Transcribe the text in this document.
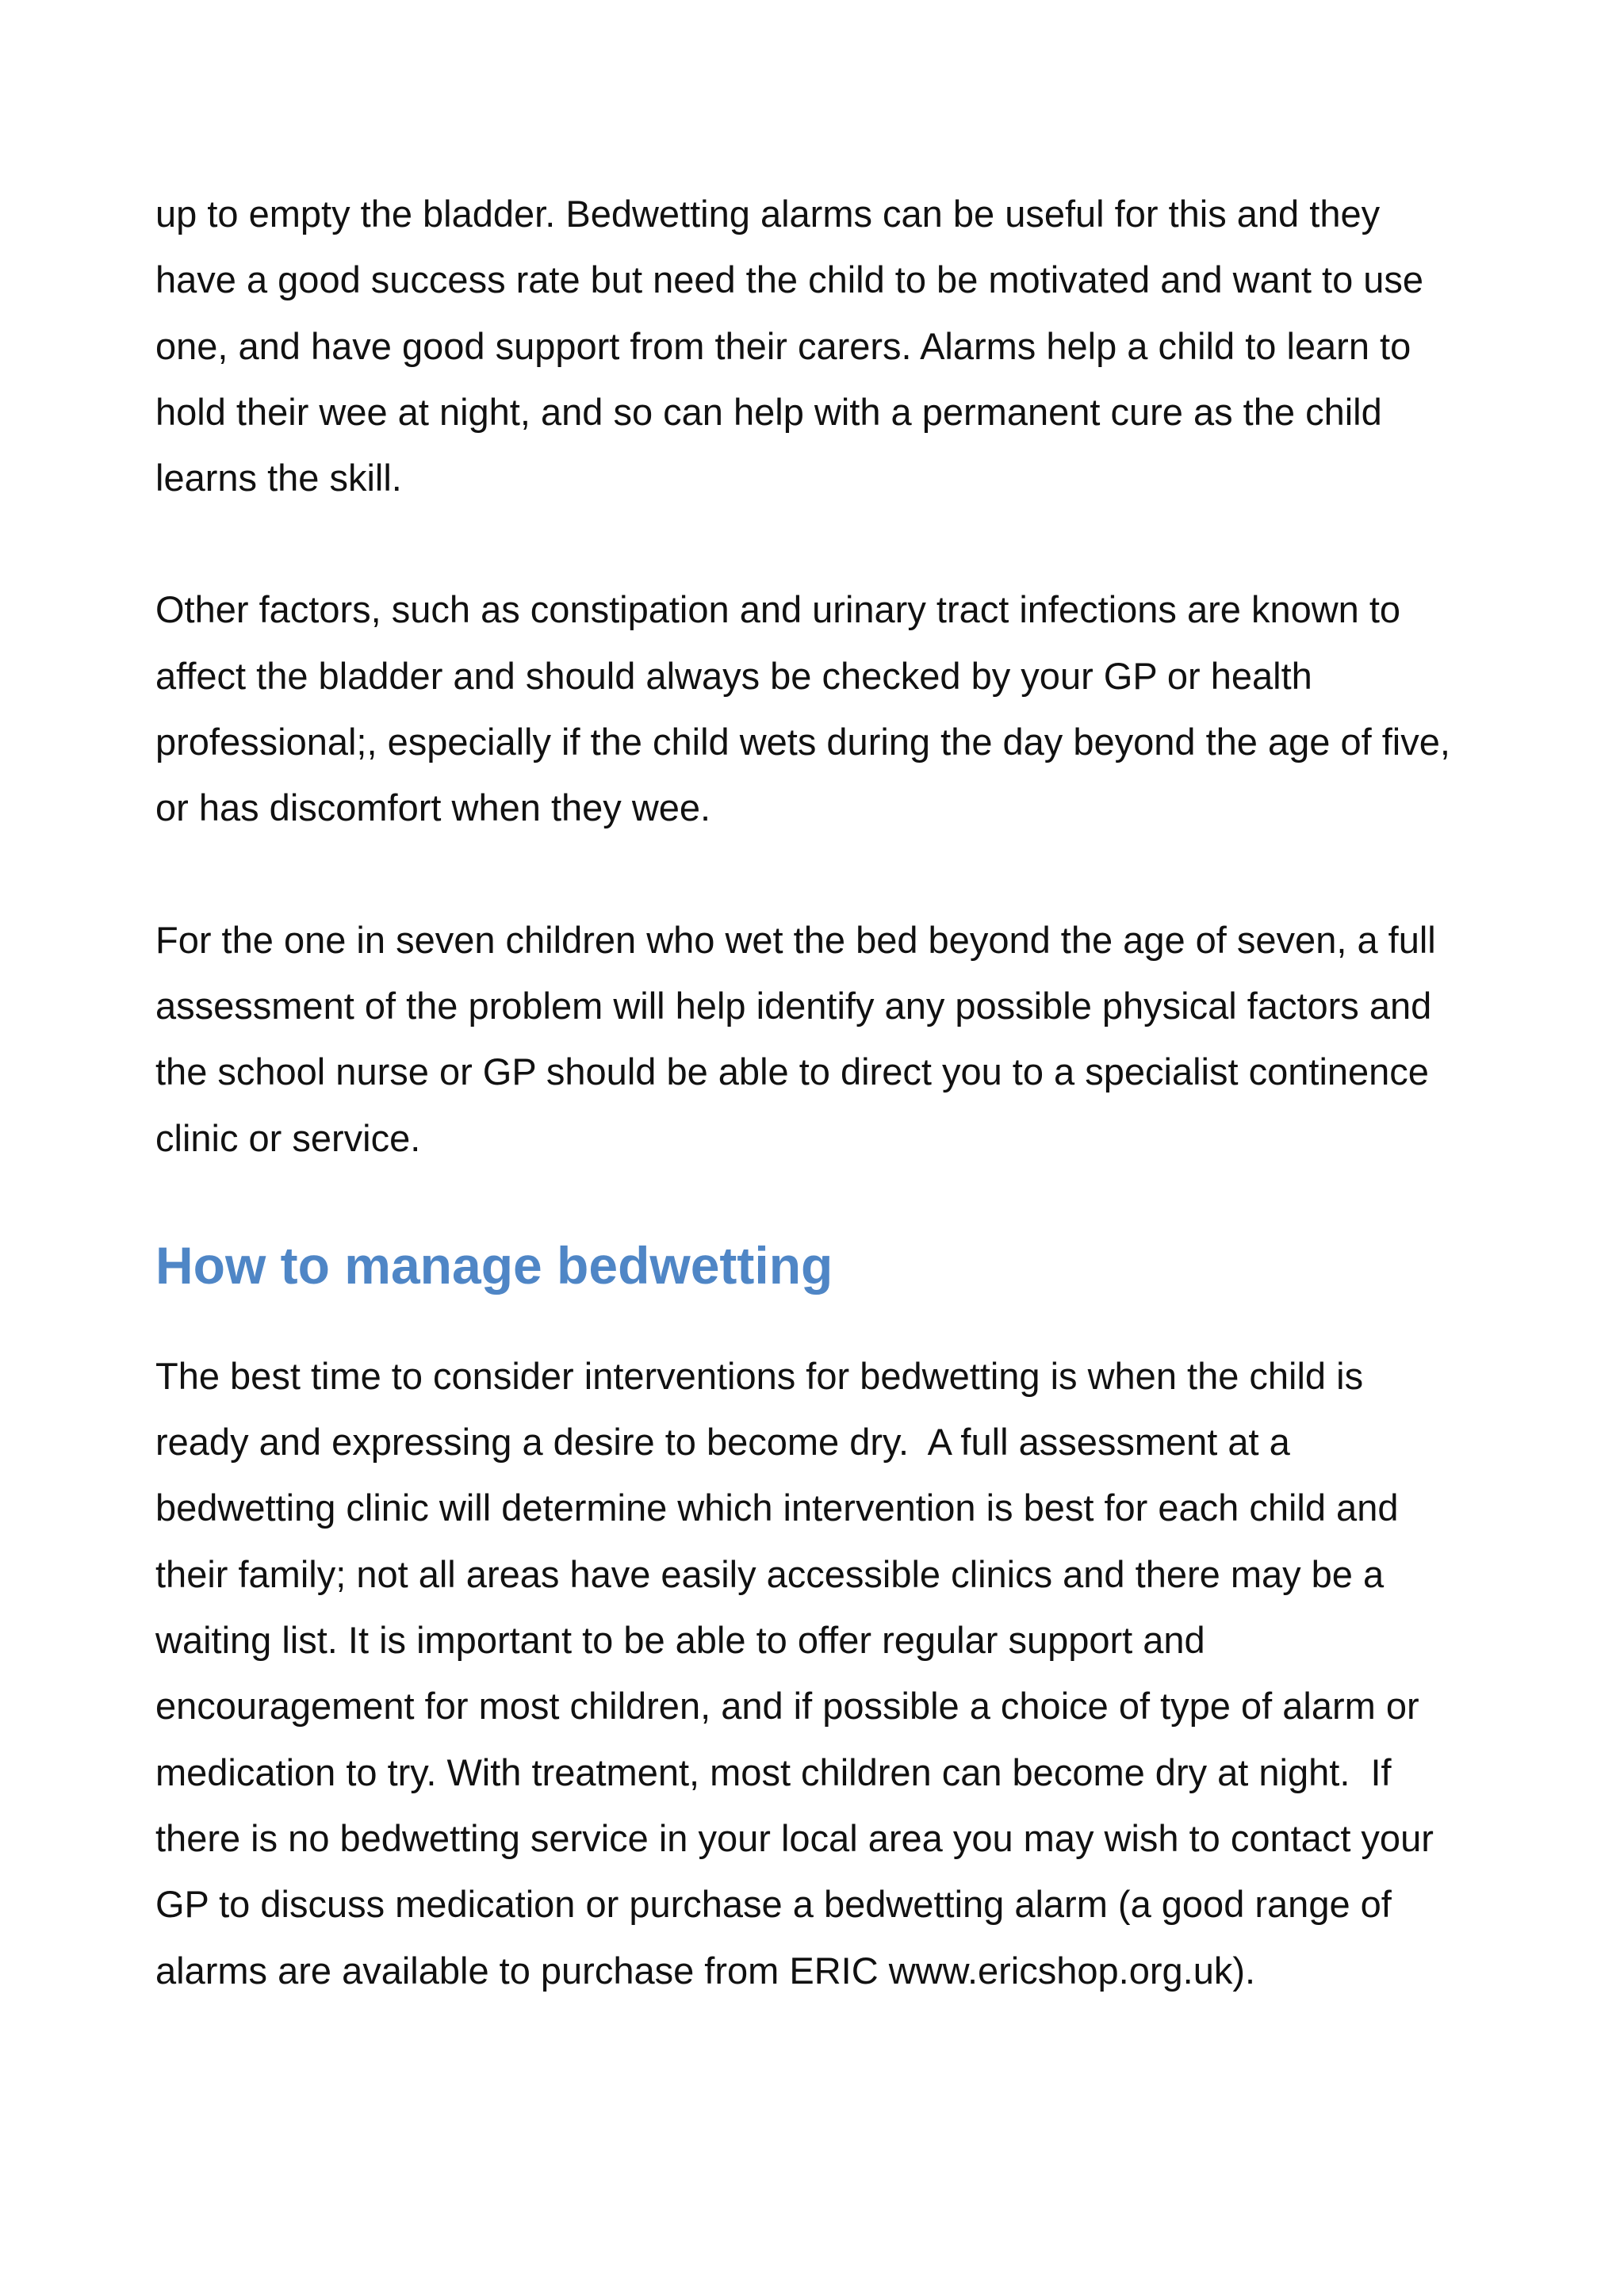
up to empty the bladder. Bedwetting alarms can be useful for this and they
have a good success rate but need the child to be motivated and want to use
one, and have good support from their carers. Alarms help a child to learn to
hold their wee at night, and so can help with a permanent cure as the child
learns the skill.

Other factors, such as constipation and urinary tract infections are known to
affect the bladder and should always be checked by your GP or health
professional;, especially if the child wets during the day beyond the age of five,
or has discomfort when they wee.

For the one in seven children who wet the bed beyond the age of seven, a full
assessment of the problem will help identify any possible physical factors and
the school nurse or GP should be able to direct you to a specialist continence
clinic or service.

How to manage bedwetting

The best time to consider interventions for bedwetting is when the child is
ready and expressing a desire to become dry.  A full assessment at a
bedwetting clinic will determine which intervention is best for each child and
their family; not all areas have easily accessible clinics and there may be a
waiting list. It is important to be able to offer regular support and
encouragement for most children, and if possible a choice of type of alarm or
medication to try. With treatment, most children can become dry at night.  If
there is no bedwetting service in your local area you may wish to contact your
GP to discuss medication or purchase a bedwetting alarm (a good range of
alarms are available to purchase from ERIC www.ericshop.org.uk).
